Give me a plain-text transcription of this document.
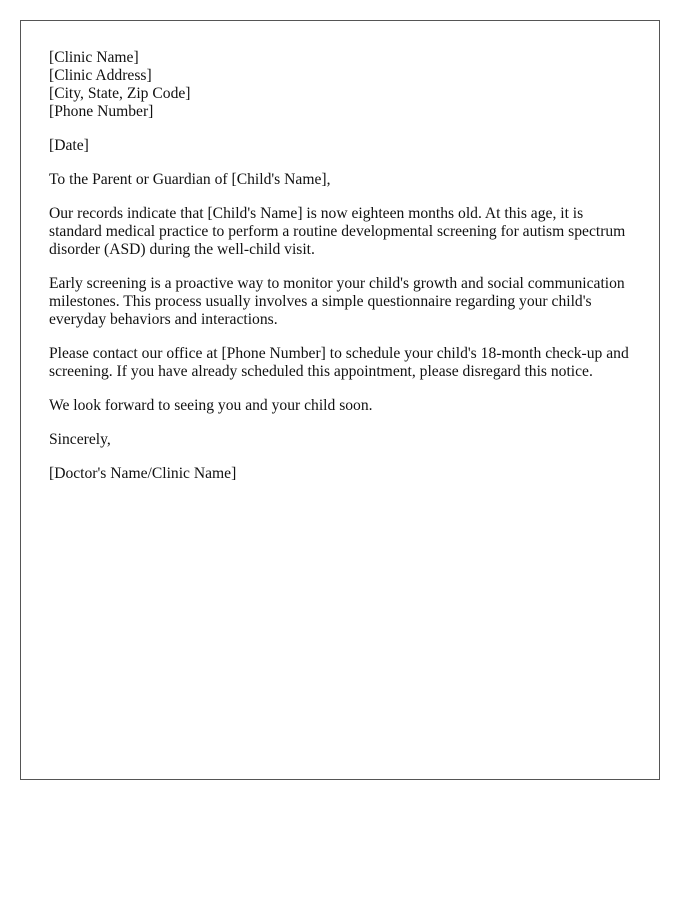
[Clinic Name]
[Clinic Address]
[City, State, Zip Code]
[Phone Number]

[Date]

To the Parent or Guardian of [Child's Name],

Our records indicate that [Child's Name] is now eighteen months old. At this age, it is standard medical practice to perform a routine developmental screening for autism spectrum disorder (ASD) during the well-child visit.

Early screening is a proactive way to monitor your child's growth and social communication milestones. This process usually involves a simple questionnaire regarding your child's everyday behaviors and interactions.

Please contact our office at [Phone Number] to schedule your child's 18-month check-up and screening. If you have already scheduled this appointment, please disregard this notice.

We look forward to seeing you and your child soon.

Sincerely,

[Doctor's Name/Clinic Name]
